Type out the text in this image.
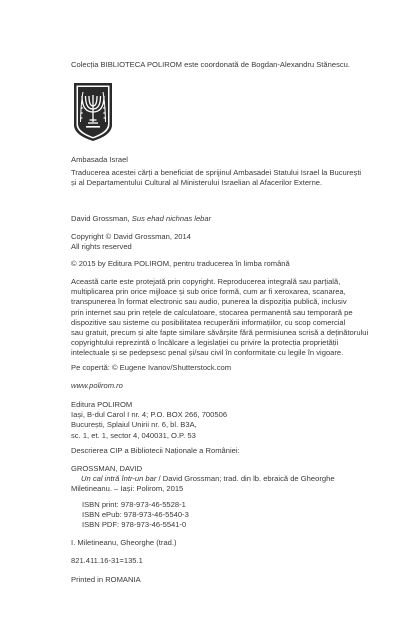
Colecția BIBLIOTECA POLIROM este coordonată de Bogdan-Alexandru Stănescu.
Ambasada Israel
Traducerea acestei cărți a beneficiat de sprijinul Ambasadei Statului Israel la București
și al Departamentului Cultural al Ministerului Israelian al Afacerilor Externe.
David Grossman, Sus ehad nichnas lebar
Copyright © David Grossman, 2014
All rights reserved
© 2015 by Editura POLIROM, pentru traducerea în limba română
Această carte este protejată prin copyright. Reproducerea integrală sau parțială,
multiplicarea prin orice mijloace și sub orice formă, cum ar fi xeroxarea, scanarea,
transpunerea în format electronic sau audio, punerea la dispoziția publică, inclusiv
prin internet sau prin rețele de calculatoare, stocarea permanentă sau temporară pe
dispozitive sau sisteme cu posibilitatea recuperării informațiilor, cu scop comercial
sau gratuit, precum și alte fapte similare săvârșite fără permisiunea scrisă a deținătorului
copyrightului reprezintă o încălcare a legislației cu privire la protecția proprietății
intelectuale și se pedepsesc penal și/sau civil în conformitate cu legile în vigoare.
Pe copertă: © Eugene Ivanov/Shutterstock.com
www.polirom.ro
Editura POLIROM
Iași, B-dul Carol I nr. 4; P.O. BOX 266, 700506
București, Splaiul Unirii nr. 6, bl. B3A,
sc. 1, et. 1, sector 4, 040031, O.P. 53
Descrierea CIP a Bibliotecii Naționale a României:
GROSSMAN, DAVID
Un cal intră într-un bar / David Grossman; trad. din lb. ebraică de Gheorghe
Miletineanu. – Iași: Polirom, 2015
ISBN print: 978-973-46-5528-1
ISBN ePub: 978-973-46-5540-3
ISBN PDF: 978-973-46-5541-0
I. Miletineanu, Gheorghe (trad.)
821.411.16-31=135.1
Printed in ROMANIA
